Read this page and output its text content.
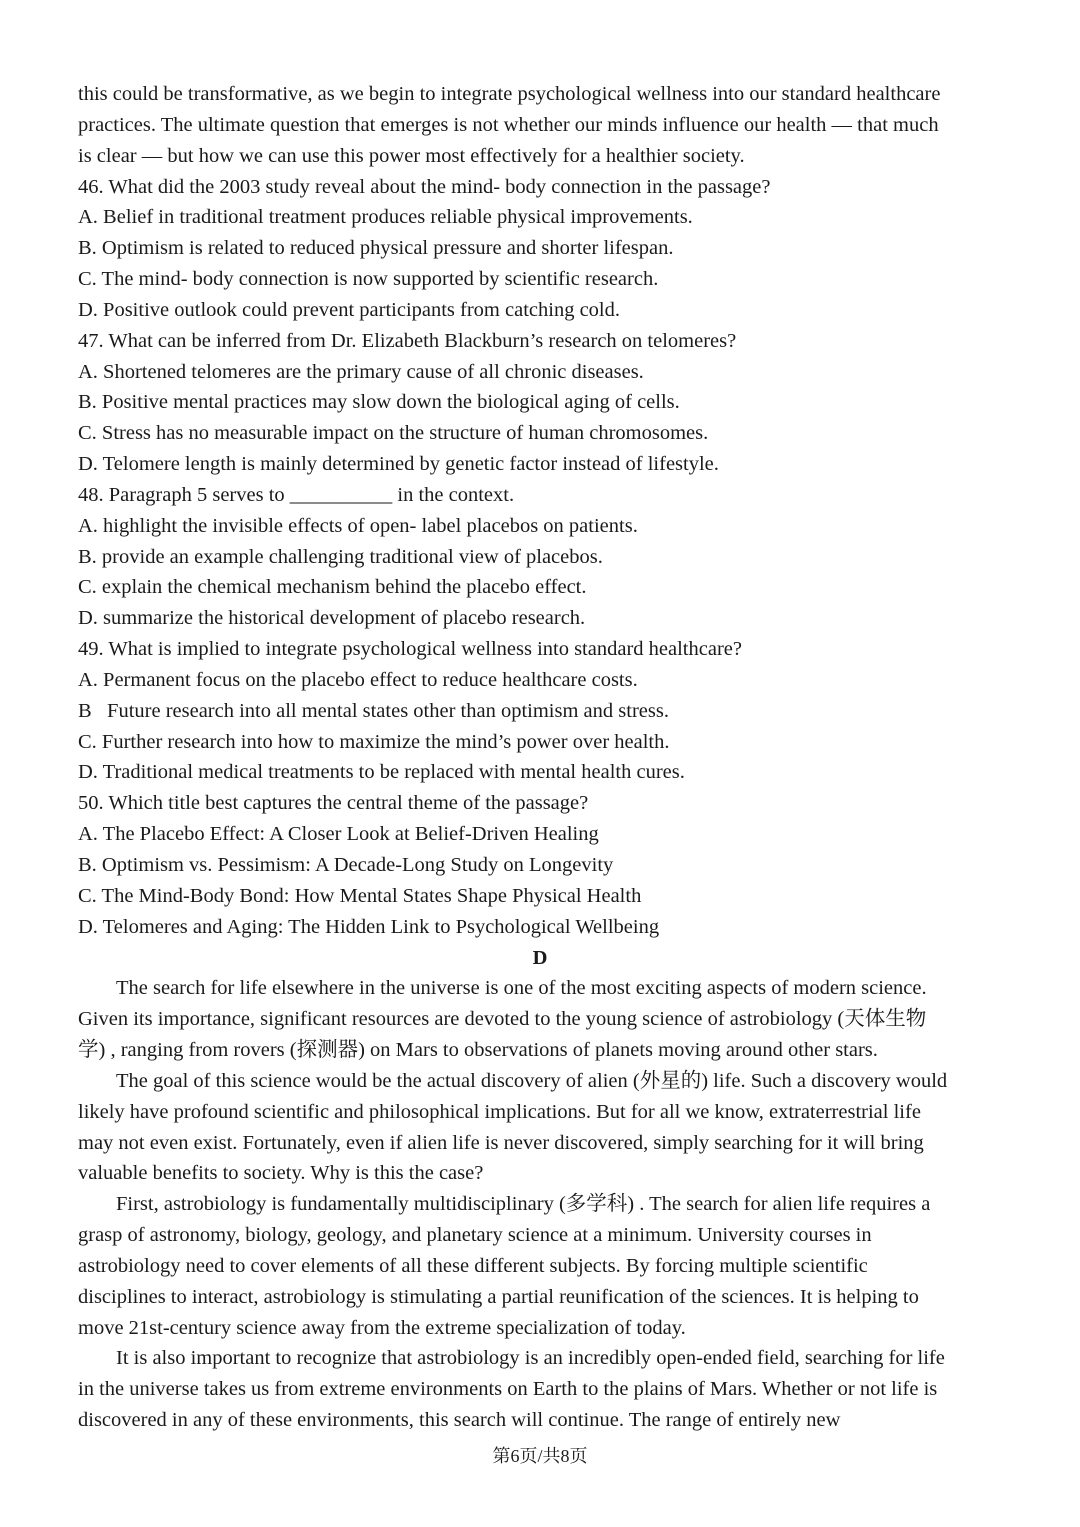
this could be transformative, as we begin to integrate psychological wellness into our standard healthcare
practices. The ultimate question that emerges is not whether our minds influence our health — that much
is clear — but how we can use this power most effectively for a healthier society.
46. What did the 2003 study reveal about the mind- body connection in the passage?
A. Belief in traditional treatment produces reliable physical improvements.
B. Optimism is related to reduced physical pressure and shorter lifespan.
C. The mind- body connection is now supported by scientific research.
D. Positive outlook could prevent participants from catching cold.
47. What can be inferred from Dr. Elizabeth Blackburn’s research on telomeres?
A. Shortened telomeres are the primary cause of all chronic diseases.
B. Positive mental practices may slow down the biological aging of cells.
C. Stress has no measurable impact on the structure of human chromosomes.
D. Telomere length is mainly determined by genetic factor instead of lifestyle.
48. Paragraph 5 serves to __________ in the context.
A. highlight the invisible effects of open- label placebos on patients.
B. provide an example challenging traditional view of placebos.
C. explain the chemical mechanism behind the placebo effect.
D. summarize the historical development of placebo research.
49. What is implied to integrate psychological wellness into standard healthcare?
A. Permanent focus on the placebo effect to reduce healthcare costs.
B   Future research into all mental states other than optimism and stress.
C. Further research into how to maximize the mind’s power over health.
D. Traditional medical treatments to be replaced with mental health cures.
50. Which title best captures the central theme of the passage?
A. The Placebo Effect: A Closer Look at Belief-Driven Healing
B. Optimism vs. Pessimism: A Decade-Long Study on Longevity
C. The Mind-Body Bond: How Mental States Shape Physical Health
D. Telomeres and Aging: The Hidden Link to Psychological Wellbeing
D
The search for life elsewhere in the universe is one of the most exciting aspects of modern science.
Given its importance, significant resources are devoted to the young science of astrobiology (天体生物
学) , ranging from rovers (探测器) on Mars to observations of planets moving around other stars.
The goal of this science would be the actual discovery of alien (外星的) life. Such a discovery would
likely have profound scientific and philosophical implications. But for all we know, extraterrestrial life
may not even exist. Fortunately, even if alien life is never discovered, simply searching for it will bring
valuable benefits to society. Why is this the case?
First, astrobiology is fundamentally multidisciplinary (多学科) . The search for alien life requires a
grasp of astronomy, biology, geology, and planetary science at a minimum. University courses in
astrobiology need to cover elements of all these different subjects. By forcing multiple scientific
disciplines to interact, astrobiology is stimulating a partial reunification of the sciences. It is helping to
move 21st-century science away from the extreme specialization of today.
It is also important to recognize that astrobiology is an incredibly open-ended field, searching for life
in the universe takes us from extreme environments on Earth to the plains of Mars. Whether or not life is
discovered in any of these environments, this search will continue. The range of entirely new
第6页/共8页
